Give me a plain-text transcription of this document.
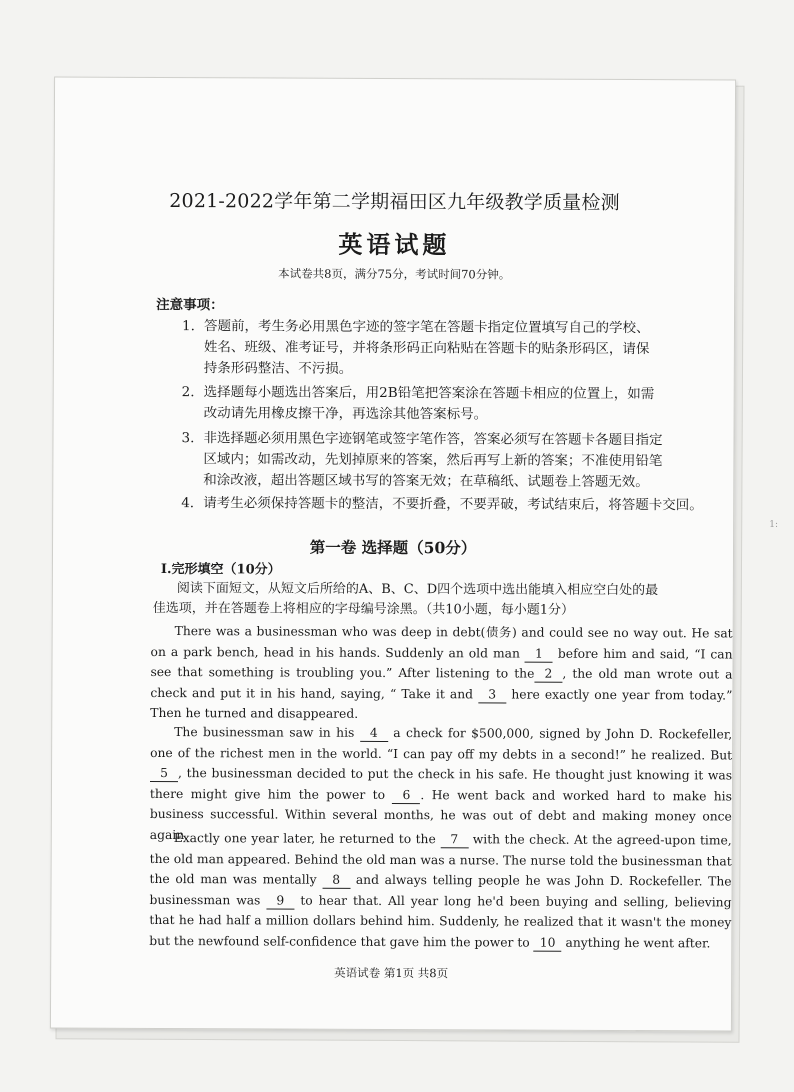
2021-2022学年第二学期福田区九年级教学质量检测

英语试题

本试卷共8页，满分75分，考试时间70分钟。

注意事项：

1. 答题前，考生务必用黑色字迹的签字笔在答题卡指定位置填写自己的学校、
姓名、班级、准考证号，并将条形码正向粘贴在答题卡的贴条形码区，请保
持条形码整洁、不污损。
2. 选择题每小题选出答案后，用2B铅笔把答案涂在答题卡相应的位置上，如需
改动请先用橡皮擦干净，再选涂其他答案标号。
3. 非选择题必须用黑色字迹钢笔或签字笔作答，答案必须写在答题卡各题目指定
区域内；如需改动，先划掉原来的答案，然后再写上新的答案；不准使用铅笔
和涂改液，超出答题区域书写的答案无效；在草稿纸、试题卷上答题无效。
4. 请考生必须保持答题卡的整洁，不要折叠，不要弄破，考试结束后，将答题卡交回。

第一卷 选择题（50分）

Ⅰ.完形填空（10分）

阅读下面短文，从短文后所给的A、B、C、D四个选项中选出能填入相应空白处的最
佳选项，并在答题卷上将相应的字母编号涂黑。（共10小题，每小题1分）

There was a businessman who was deep in debt(债务) and could see no way out. He sat on a park bench, head in his hands. Suddenly an old man 1 before him and said, “I can see that something is troubling you.” After listening to the 2 , the old man wrote out a check and put it in his hand, saying, “ Take it and 3 here exactly one year from today.” Then he turned and disappeared.

The businessman saw in his 4 a check for $500,000, signed by John D. Rockefeller, one of the richest men in the world. “I can pay off my debts in a second!” he realized. But 5 , the businessman decided to put the check in his safe. He thought just knowing it was there might give him the power to 6 . He went back and worked hard to make his business successful. Within several months, he was out of debt and making money once again.

Exactly one year later, he returned to the 7 with the check. At the agreed-upon time, the old man appeared. Behind the old man was a nurse. The nurse told the businessman that the old man was mentally 8 and always telling people he was John D. Rockefeller. The businessman was 9 to hear that. All year long he'd been buying and selling, believing that he had half a million dollars behind him. Suddenly, he realized that it wasn't the money but the newfound self-confidence that gave him the power to 10 anything he went after.

英语试卷 第1页 共8页

1:
